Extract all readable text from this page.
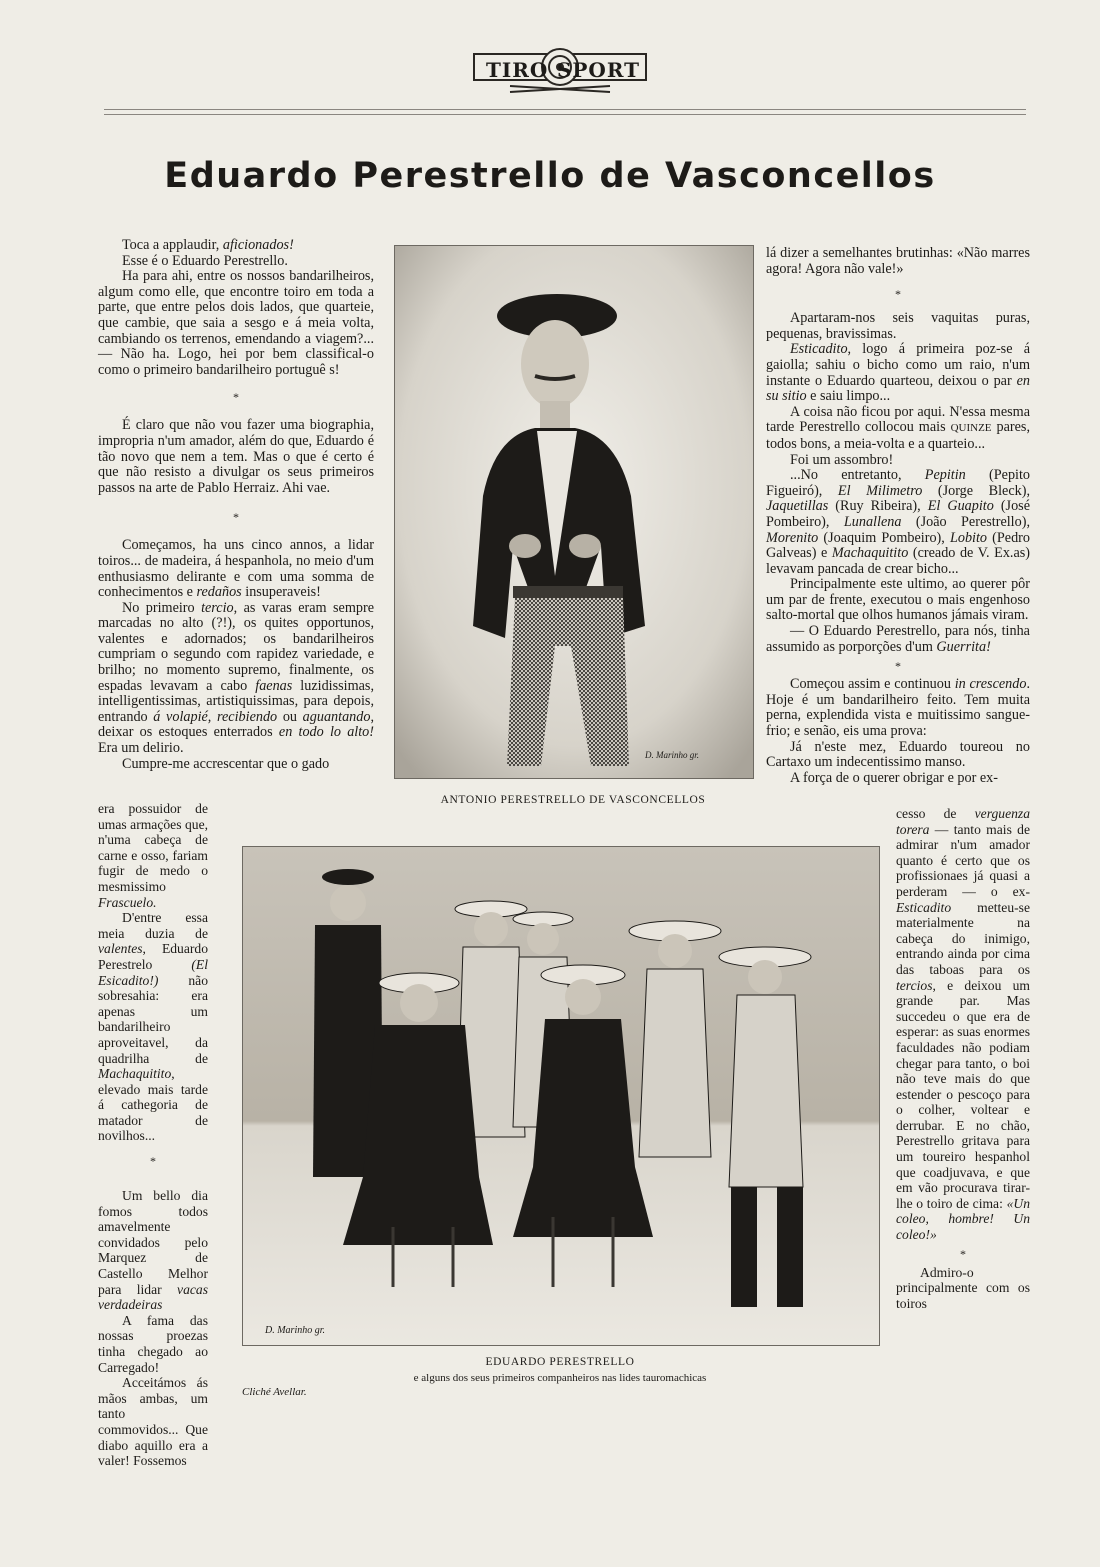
TIRO SPORT
Eduardo Perestrello de Vasconcellos

Toca a applaudir, aficionados!

Esse é o Eduardo Perestrello.

Ha para ahi, entre os nossos bandarilheiros, algum como elle, que encontre toiro em toda a parte, que entre pelos dois lados, que quarteie, que cambie, que saia a sesgo e á meia volta, cambiando os terrenos, emendando a viagem?... — Não ha. Logo, hei por bem classifical-o como o primeiro bandarilheiro portuguê s!

*

É claro que não vou fazer uma biographia, impropria n'um amador, além do que, Eduardo é tão novo que nem a tem. Mas o que é certo é que não resisto a divulgar os seus primeiros passos na arte de Pablo Herraiz. Ahi vae.

*

Começamos, ha uns cinco annos, a lidar toiros... de madeira, á hespanhola, no meio d'um enthusiasmo delirante e com uma somma de conhecimentos e redaños insuperaveis!

No primeiro tercio, as varas eram sempre marcadas no alto (?!), os quites opportunos, valentes e adornados; os bandarilheiros cumpriam o segundo com rapidez variedade, e brilho; no momento supremo, finalmente, os espadas levavam a cabo faenas luzidissimas, intelligentissimas, artistiquissimas, para depois, entrando á volapié, recibiendo ou aguantando, deixar os estoques enterrados en todo lo alto! Era um delirio.

Cumpre-me accrescentar que o gado

era possuidor de umas armações que, n'uma cabeça de carne e osso, fariam fugir de medo o mesmissimo Frascuelo.

D'entre essa meia duzia de valentes, Eduardo Perestrelo (El Esicadito!) não sobresahia: era apenas um bandarilheiro aproveitavel, da quadrilha de Machaquitito, elevado mais tarde á cathegoria de matador de novilhos...

*

Um bello dia fomos todos amavelmente convidados pelo Marquez de Castello Melhor para lidar vacas verdadeiras

A fama das nossas proezas tinha chegado ao Carregado!

Acceitámos ás mãos ambas, um tanto commovidos... Que diabo aquillo era a valer! Fossemos

lá dizer a semelhantes brutinhas: «Não marres agora! Agora não vale!»

*

Apartaram-nos seis vaquitas puras, pequenas, bravissimas.

Esticadito, logo á primeira poz-se á gaiolla; sahiu o bicho como um raio, n'um instante o Eduardo quarteou, deixou o par en su sitio e saiu limpo...

A coisa não ficou por aqui. N'essa mesma tarde Perestrello collocou mais QUINZE pares, todos bons, a meia-volta e a quarteio...

Foi um assombro!

...No entretanto, Pepitin (Pepito Figueiró), El Milimetro (Jorge Bleck), Jaquetillas (Ruy Ribeira), El Guapito (José Pombeiro), Lunallena (João Perestrello), Morenito (Joaquim Pombeiro), Lobito (Pedro Galveas) e Machaquitito (creado de V. Ex.as) levavam pancada de crear bicho...

Principalmente este ultimo, ao querer pôr um par de frente, executou o mais engenhoso salto-mortal que olhos humanos jámais viram.

— O Eduardo Perestrello, para nós, tinha assumido as porporções d'um Guerrita!

*

Começou assim e continuou in crescendo. Hoje é um bandarilheiro feito. Tem muita perna, explendida vista e muitissimo sangue-frio; e senão, eis uma prova:

Já n'este mez, Eduardo toureou no Cartaxo um indecentissimo manso.

A força de o querer obrigar e por ex-

cesso de verguenza torera — tanto mais de admirar n'um amador quanto é certo que os profissionaes já quasi a perderam — o ex-Esticadito metteu-se materialmente na cabeça do inimigo, entrando ainda por cima das taboas para os tercios, e deixou um grande par. Mas succedeu o que era de esperar: as suas enormes faculdades não podiam chegar para tanto, o boi não teve mais do que estender o pescoço para o colher, voltear e derrubar. E no chão, Perestrello gritava para um toureiro hespanhol que coadjuvava, e que em vão procurava tirar-lhe o toiro de cima: «Un coleo, hombre! Un coleo!»

*

Admiro-o principalmente com os toiros

D. Marinho gr.
ANTONIO PERESTRELLO DE VASCONCELLOS
D. Marinho gr.
EDUARDO PERESTRELLO
e alguns dos seus primeiros companheiros nas lides tauromachicas
Cliché Avellar.
